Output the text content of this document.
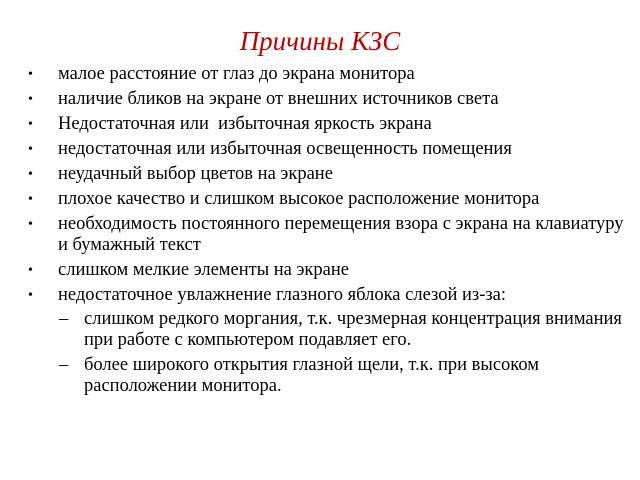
Причины КЗС
• малое расстояние от глаз до экрана монитора
• наличие бликов на экране от внешних источников света
• Недостаточная или  избыточная яркость экрана
• недостаточная или избыточная освещенность помещения
• неудачный выбор цветов на экране
• плохое качество и слишком высокое расположение монитора
• необходимость постоянного перемещения взора с экрана на клавиатуру и бумажный текст
• слишком мелкие элементы на экране
• недостаточное увлажнение глазного яблока слезой из-за:
– слишком редкого моргания, т.к. чрезмерная концентрация внимания при работе с компьютером подавляет его.
– более широкого открытия глазной щели, т.к. при высоком расположении монитора.
